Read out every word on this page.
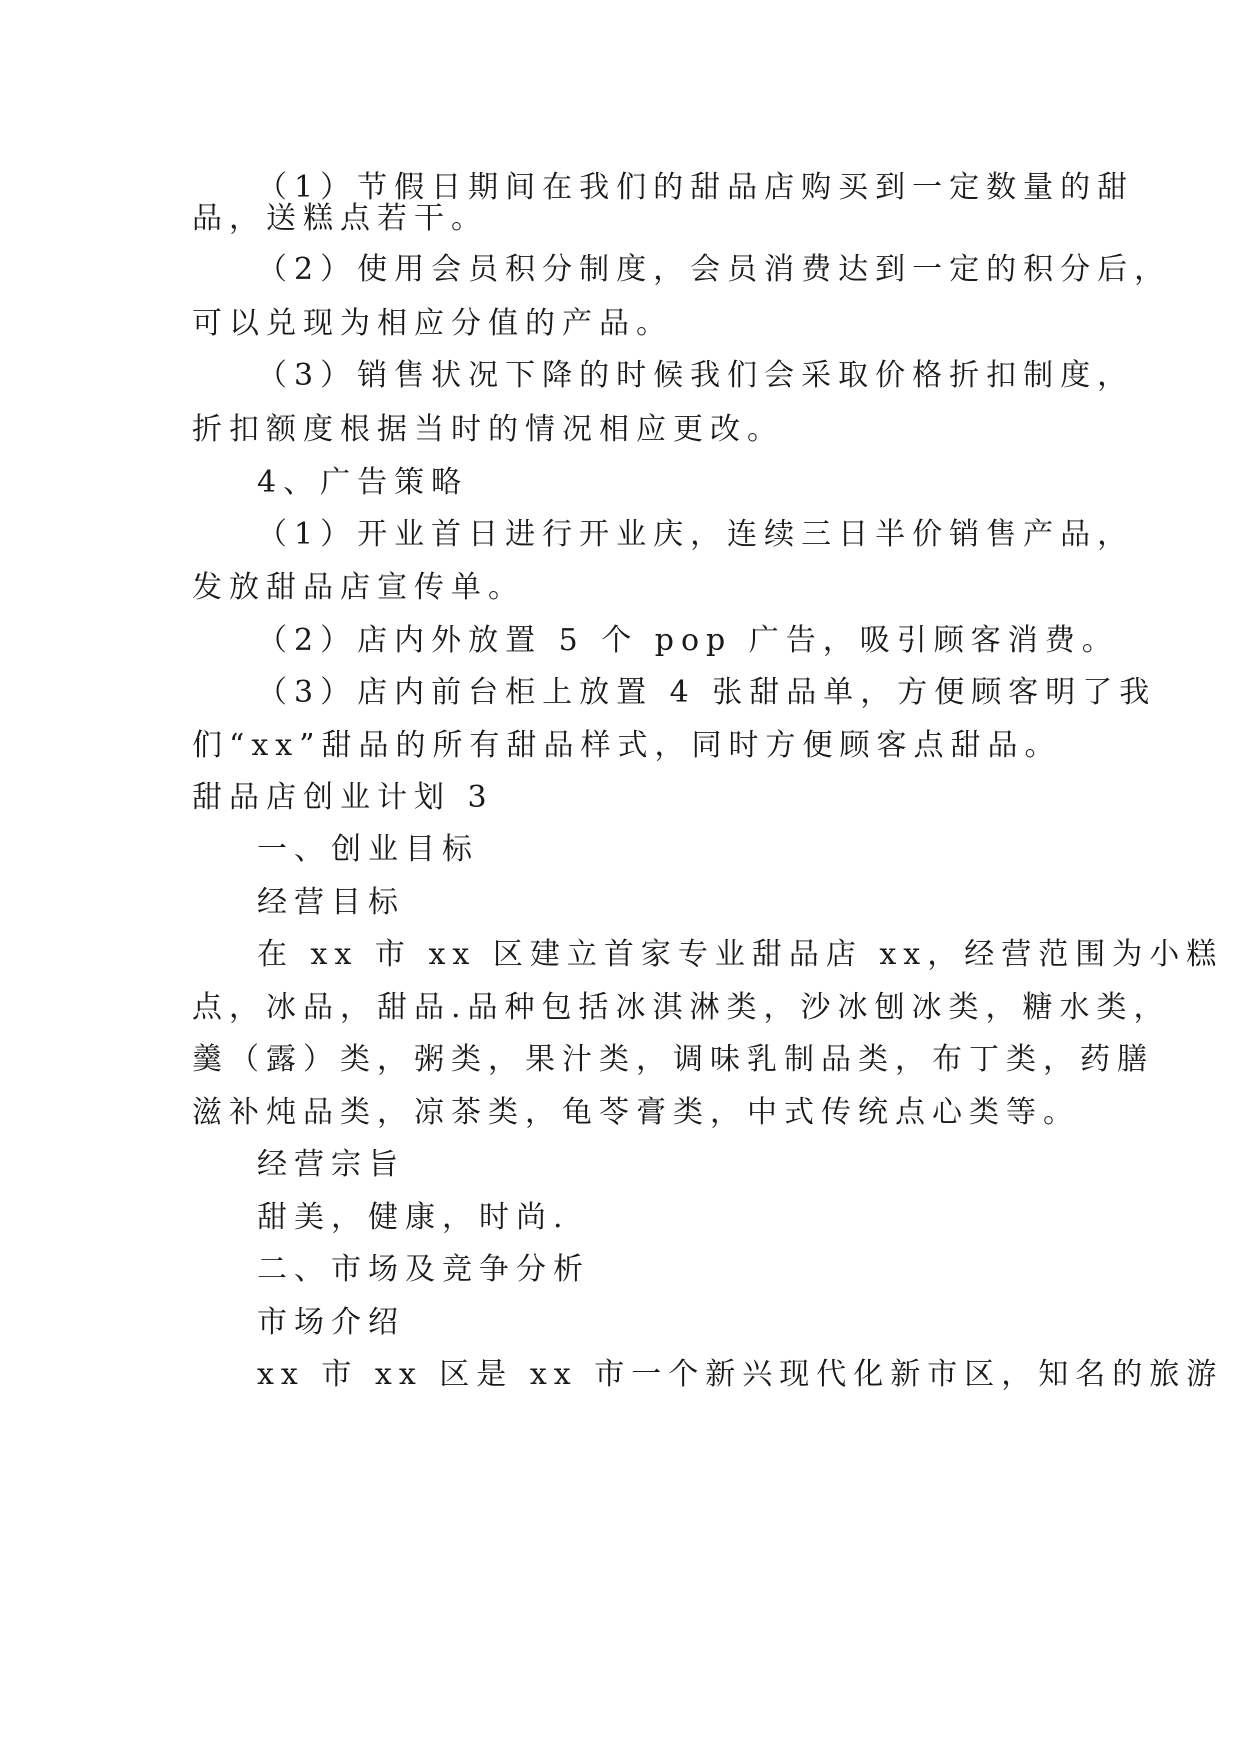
（1）节假日期间在我们的甜品店购买到一定数量的甜

品，送糕点若干。

（2）使用会员积分制度，会员消费达到一定的积分后，

可以兑现为相应分值的产品。

（3）销售状况下降的时候我们会采取价格折扣制度，

折扣额度根据当时的情况相应更改。

4、广告策略

（1）开业首日进行开业庆，连续三日半价销售产品，

发放甜品店宣传单。

（2）店内外放置 5 个 pop 广告，吸引顾客消费。

（3）店内前台柜上放置 4 张甜品单，方便顾客明了我

们“xx”甜品的所有甜品样式，同时方便顾客点甜品。

甜品店创业计划 3

一、创业目标

经营目标

在 xx 市 xx 区建立首家专业甜品店 xx，经营范围为小糕

点，冰品，甜品.品种包括冰淇淋类，沙冰刨冰类，糖水类，

羹（露）类，粥类，果汁类，调味乳制品类，布丁类，药膳

滋补炖品类，凉茶类，龟苓膏类，中式传统点心类等。

经营宗旨

甜美，健康，时尚.

二、市场及竞争分析

市场介绍

xx 市 xx 区是 xx 市一个新兴现代化新市区，知名的旅游
